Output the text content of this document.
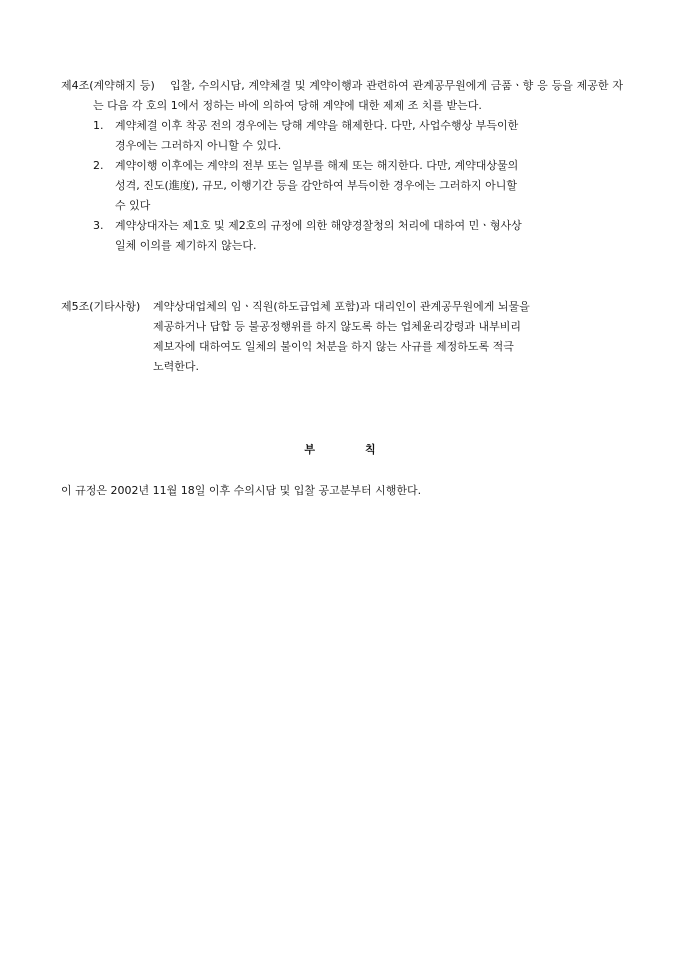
제4조(계약해지 등) 입찰, 수의시담, 계약체결 및 계약이행과 관련하여 관계공무원에게 금품ㆍ향 응 등을 제공한 자는 다음 각 호의 1에서 정하는 바에 의하여 당해 계약에 대한 제제 조 치를 받는다.
1. 계약체결 이후 착공 전의 경우에는 당해 계약을 해제한다. 다만, 사업수행상 부득이한
경우에는 그러하지 아니할 수 있다.
2. 계약이행 이후에는 계약의 전부 또는 일부를 해제 또는 해지한다. 다만, 계약대상물의
성격, 진도(進度), 규모, 이행기간 등을 감안하여 부득이한 경우에는 그러하지 아니할
수 있다
3. 계약상대자는 제1호 및 제2호의 규정에 의한 해양경찰청의 처리에 대하여 민ㆍ형사상
일체 이의를 제기하지 않는다.
제5조(기타사항) 계약상대업체의 임ㆍ직원(하도급업체 포함)과 대리인이 관계공무원에게 뇌물을
제공하거나 답합 등 불공정행위를 하지 않도록 하는 업체윤리강령과 내부비리
제보자에 대하여도 일체의 불이익 처분을 하지 않는 사규를 제정하도록 적극
노력한다.
부칙
이 규정은 2002년 11월 18일 이후 수의시담 및 입찰 공고분부터 시행한다.
